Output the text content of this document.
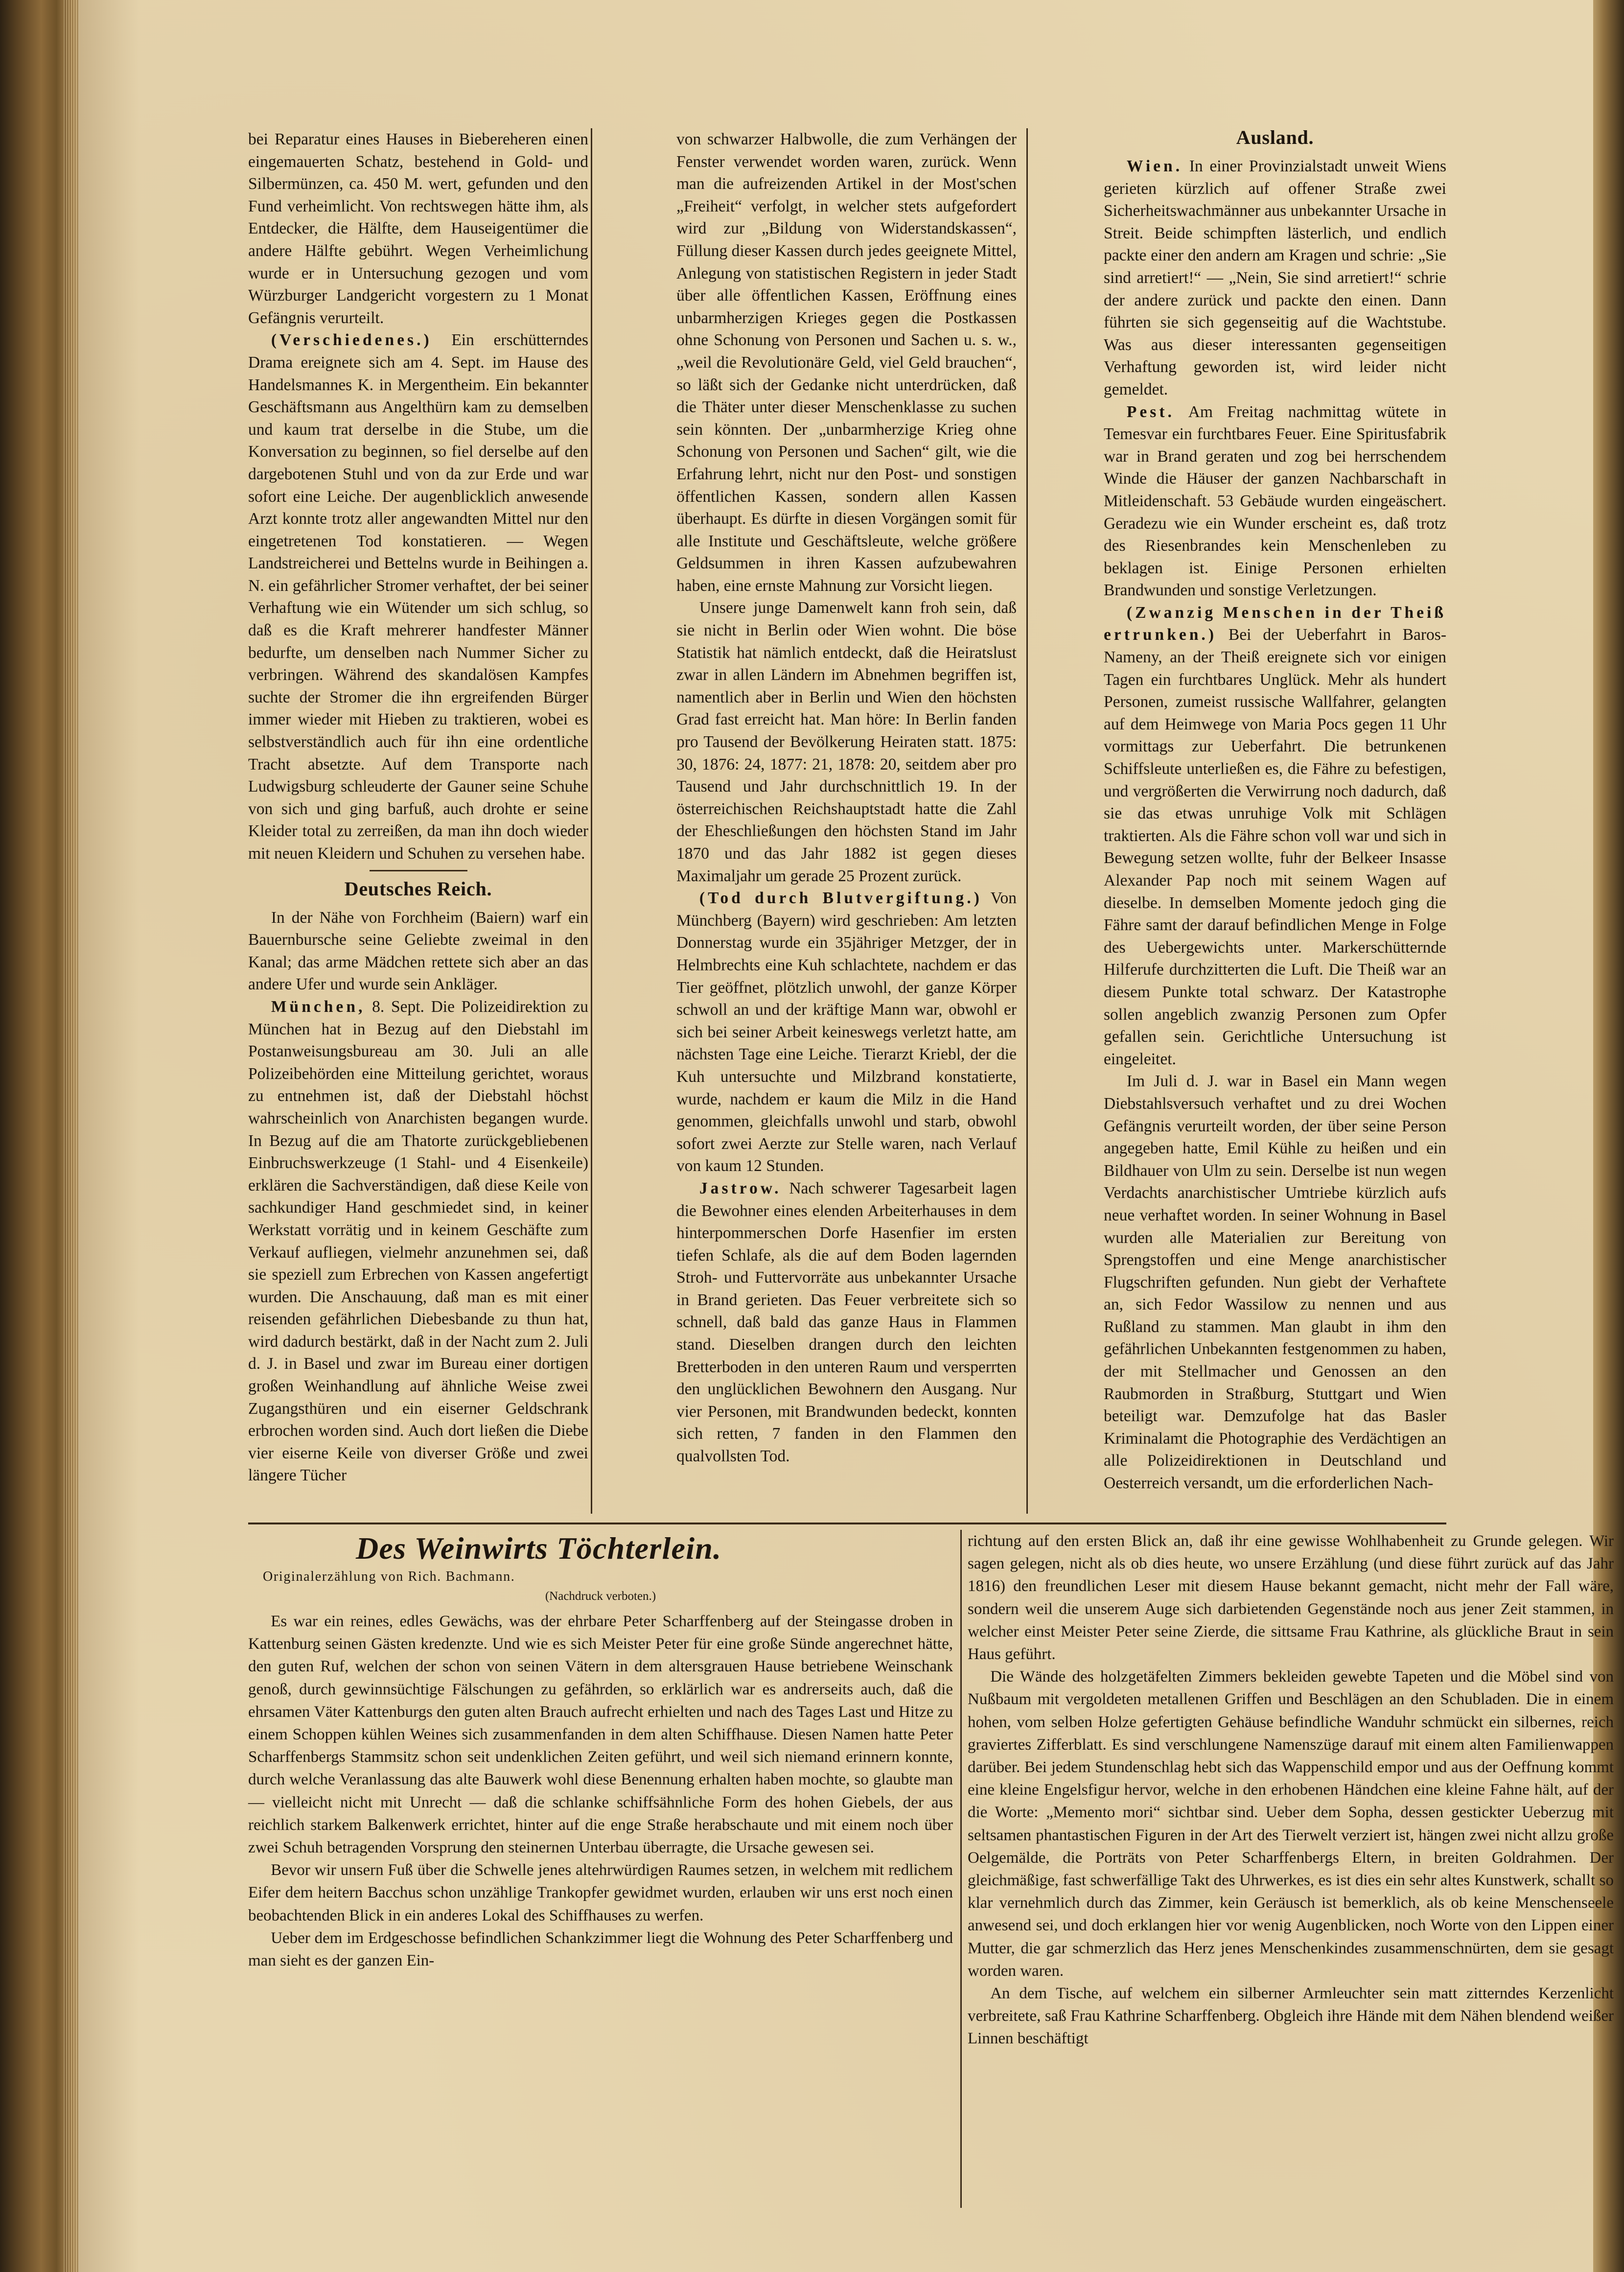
bei Reparatur eines Hauses in Biebereheren einen eingemauerten Schatz, bestehend in Gold- und Silbermünzen, ca. 450 M. wert, gefunden und den Fund verheimlicht. Von rechtswegen hätte ihm, als Entdecker, die Hälfte, dem Hauseigentümer die andere Hälfte gebührt. Wegen Verheimlichung wurde er in Untersuchung gezogen und vom Würzburger Landgericht vorgestern zu 1 Monat Gefängnis verurteilt.

(Verschiedenes.) Ein erschütterndes Drama ereignete sich am 4. Sept. im Hause des Handelsmannes K. in Mergentheim. Ein bekannter Geschäftsmann aus Angelthürn kam zu demselben und kaum trat derselbe in die Stube, um die Konversation zu beginnen, so fiel derselbe auf den dargebotenen Stuhl und von da zur Erde und war sofort eine Leiche. Der augenblicklich anwesende Arzt konnte trotz aller angewandten Mittel nur den eingetretenen Tod konstatieren. — Wegen Landstreicherei und Bettelns wurde in Beihingen a. N. ein gefährlicher Stromer verhaftet, der bei seiner Verhaftung wie ein Wütender um sich schlug, so daß es die Kraft mehrerer handfester Männer bedurfte, um denselben nach Nummer Sicher zu verbringen. Während des skandalösen Kampfes suchte der Stromer die ihn ergreifenden Bürger immer wieder mit Hieben zu traktieren, wobei es selbstverständlich auch für ihn eine ordentliche Tracht absetzte. Auf dem Transporte nach Ludwigsburg schleuderte der Gauner seine Schuhe von sich und ging barfuß, auch drohte er seine Kleider total zu zerreißen, da man ihn doch wieder mit neuen Kleidern und Schuhen zu versehen habe.

Deutsches Reich.

In der Nähe von Forchheim (Baiern) warf ein Bauernbursche seine Geliebte zweimal in den Kanal; das arme Mädchen rettete sich aber an das andere Ufer und wurde sein Ankläger.

München, 8. Sept. Die Polizeidirektion zu München hat in Bezug auf den Diebstahl im Postanweisungsbureau am 30. Juli an alle Polizeibehörden eine Mitteilung gerichtet, woraus zu entnehmen ist, daß der Diebstahl höchst wahrscheinlich von Anarchisten begangen wurde. In Bezug auf die am Thatorte zurückgebliebenen Einbruchswerkzeuge (1 Stahl- und 4 Eisenkeile) erklären die Sachverständigen, daß diese Keile von sachkundiger Hand geschmiedet sind, in keiner Werkstatt vorrätig und in keinem Geschäfte zum Verkauf aufliegen, vielmehr anzunehmen sei, daß sie speziell zum Erbrechen von Kassen angefertigt wurden. Die Anschauung, daß man es mit einer reisenden gefährlichen Diebesbande zu thun hat, wird dadurch bestärkt, daß in der Nacht zum 2. Juli d. J. in Basel und zwar im Bureau einer dortigen großen Weinhandlung auf ähnliche Weise zwei Zugangsthüren und ein eiserner Geldschrank erbrochen worden sind. Auch dort ließen die Diebe vier eiserne Keile von diverser Größe und zwei längere Tücher

von schwarzer Halbwolle, die zum Verhängen der Fenster verwendet worden waren, zurück. Wenn man die aufreizenden Artikel in der Most'schen „Freiheit“ verfolgt, in welcher stets aufgefordert wird zur „Bildung von Widerstandskassen“, Füllung dieser Kassen durch jedes geeignete Mittel, Anlegung von statistischen Registern in jeder Stadt über alle öffentlichen Kassen, Eröffnung eines unbarmherzigen Krieges gegen die Postkassen ohne Schonung von Personen und Sachen u. s. w., „weil die Revolutionäre Geld, viel Geld brauchen“, so läßt sich der Gedanke nicht unterdrücken, daß die Thäter unter dieser Menschenklasse zu suchen sein könnten. Der „unbarmherzige Krieg ohne Schonung von Personen und Sachen“ gilt, wie die Erfahrung lehrt, nicht nur den Post- und sonstigen öffentlichen Kassen, sondern allen Kassen überhaupt. Es dürfte in diesen Vorgängen somit für alle Institute und Geschäftsleute, welche größere Geldsummen in ihren Kassen aufzubewahren haben, eine ernste Mahnung zur Vorsicht liegen.

Unsere junge Damenwelt kann froh sein, daß sie nicht in Berlin oder Wien wohnt. Die böse Statistik hat nämlich entdeckt, daß die Heiratslust zwar in allen Ländern im Abnehmen begriffen ist, namentlich aber in Berlin und Wien den höchsten Grad fast erreicht hat. Man höre: In Berlin fanden pro Tausend der Bevölkerung Heiraten statt. 1875: 30, 1876: 24, 1877: 21, 1878: 20, seitdem aber pro Tausend und Jahr durchschnittlich 19. In der österreichischen Reichshauptstadt hatte die Zahl der Eheschließungen den höchsten Stand im Jahr 1870 und das Jahr 1882 ist gegen dieses Maximaljahr um gerade 25 Prozent zurück.

(Tod durch Blutvergiftung.) Von Münchberg (Bayern) wird geschrieben: Am letzten Donnerstag wurde ein 35jähriger Metzger, der in Helmbrechts eine Kuh schlachtete, nachdem er das Tier geöffnet, plötzlich unwohl, der ganze Körper schwoll an und der kräftige Mann war, obwohl er sich bei seiner Arbeit keineswegs verletzt hatte, am nächsten Tage eine Leiche. Tierarzt Kriebl, der die Kuh untersuchte und Milzbrand konstatierte, wurde, nachdem er kaum die Milz in die Hand genommen, gleichfalls unwohl und starb, obwohl sofort zwei Aerzte zur Stelle waren, nach Verlauf von kaum 12 Stunden.

Jastrow. Nach schwerer Tagesarbeit lagen die Bewohner eines elenden Arbeiterhauses in dem hinterpommerschen Dorfe Hasenfier im ersten tiefen Schlafe, als die auf dem Boden lagernden Stroh- und Futtervorräte aus unbekannter Ursache in Brand gerieten. Das Feuer verbreitete sich so schnell, daß bald das ganze Haus in Flammen stand. Dieselben drangen durch den leichten Bretterboden in den unteren Raum und versperrten den unglücklichen Bewohnern den Ausgang. Nur vier Personen, mit Brandwunden bedeckt, konnten sich retten, 7 fanden in den Flammen den qualvollsten Tod.

Ausland.

Wien. In einer Provinzialstadt unweit Wiens gerieten kürzlich auf offener Straße zwei Sicherheitswachmänner aus unbekannter Ursache in Streit. Beide schimpften lästerlich, und endlich packte einer den andern am Kragen und schrie: „Sie sind arretiert!“ — „Nein, Sie sind arretiert!“ schrie der andere zurück und packte den einen. Dann führten sie sich gegenseitig auf die Wachtstube. Was aus dieser interessanten gegenseitigen Verhaftung geworden ist, wird leider nicht gemeldet.

Pest. Am Freitag nachmittag wütete in Temesvar ein furchtbares Feuer. Eine Spiritusfabrik war in Brand geraten und zog bei herrschendem Winde die Häuser der ganzen Nachbarschaft in Mitleidenschaft. 53 Gebäude wurden eingeäschert. Geradezu wie ein Wunder erscheint es, daß trotz des Riesenbrandes kein Menschenleben zu beklagen ist. Einige Personen erhielten Brandwunden und sonstige Verletzungen.

(Zwanzig Menschen in der Theiß ertrunken.) Bei der Ueberfahrt in Baros-Nameny, an der Theiß ereignete sich vor einigen Tagen ein furchtbares Unglück. Mehr als hundert Personen, zumeist russische Wallfahrer, gelangten auf dem Heimwege von Maria Pocs gegen 11 Uhr vormittags zur Ueberfahrt. Die betrunkenen Schiffsleute unterließen es, die Fähre zu befestigen, und vergrößerten die Verwirrung noch dadurch, daß sie das etwas unruhige Volk mit Schlägen traktierten. Als die Fähre schon voll war und sich in Bewegung setzen wollte, fuhr der Belkeer Insasse Alexander Pap noch mit seinem Wagen auf dieselbe. In demselben Momente jedoch ging die Fähre samt der darauf befindlichen Menge in Folge des Uebergewichts unter. Markerschütternde Hilferufe durchzitterten die Luft. Die Theiß war an diesem Punkte total schwarz. Der Katastrophe sollen angeblich zwanzig Personen zum Opfer gefallen sein. Gerichtliche Untersuchung ist eingeleitet.

Im Juli d. J. war in Basel ein Mann wegen Diebstahlsversuch verhaftet und zu drei Wochen Gefängnis verurteilt worden, der über seine Person angegeben hatte, Emil Kühle zu heißen und ein Bildhauer von Ulm zu sein. Derselbe ist nun wegen Verdachts anarchistischer Umtriebe kürzlich aufs neue verhaftet worden. In seiner Wohnung in Basel wurden alle Materialien zur Bereitung von Sprengstoffen und eine Menge anarchistischer Flugschriften gefunden. Nun giebt der Verhaftete an, sich Fedor Wassilow zu nennen und aus Rußland zu stammen. Man glaubt in ihm den gefährlichen Unbekannten festgenommen zu haben, der mit Stellmacher und Genossen an den Raubmorden in Straßburg, Stuttgart und Wien beteiligt war. Demzufolge hat das Basler Kriminalamt die Photographie des Verdächtigen an alle Polizeidirektionen in Deutschland und Oesterreich versandt, um die erforderlichen Nach-

Des Weinwirts Töchterlein.
Originalerzählung von Rich. Bachmann.
(Nachdruck verboten.)

Es war ein reines, edles Gewächs, was der ehrbare Peter Scharffenberg auf der Steingasse droben in Kattenburg seinen Gästen kredenzte. Und wie es sich Meister Peter für eine große Sünde angerechnet hätte, den guten Ruf, welchen der schon von seinen Vätern in dem altersgrauen Hause betriebene Weinschank genoß, durch gewinnsüchtige Fälschungen zu gefährden, so erklärlich war es andrerseits auch, daß die ehrsamen Väter Kattenburgs den guten alten Brauch aufrecht erhielten und nach des Tages Last und Hitze zu einem Schoppen kühlen Weines sich zusammenfanden in dem alten Schiffhause. Diesen Namen hatte Peter Scharffenbergs Stammsitz schon seit undenklichen Zeiten geführt, und weil sich niemand erinnern konnte, durch welche Veranlassung das alte Bauwerk wohl diese Benennung erhalten haben mochte, so glaubte man — vielleicht nicht mit Unrecht — daß die schlanke schiffsähnliche Form des hohen Giebels, der aus reichlich starkem Balkenwerk errichtet, hinter auf die enge Straße herabschaute und mit einem noch über zwei Schuh betragenden Vorsprung den steinernen Unterbau überragte, die Ursache gewesen sei.

Bevor wir unsern Fuß über die Schwelle jenes altehrwürdigen Raumes setzen, in welchem mit redlichem Eifer dem heitern Bacchus schon unzählige Trankopfer gewidmet wurden, erlauben wir uns erst noch einen beobachtenden Blick in ein anderes Lokal des Schiffhauses zu werfen.

Ueber dem im Erdgeschosse befindlichen Schankzimmer liegt die Wohnung des Peter Scharffenberg und man sieht es der ganzen Ein-

richtung auf den ersten Blick an, daß ihr eine gewisse Wohlhabenheit zu Grunde gelegen. Wir sagen gelegen, nicht als ob dies heute, wo unsere Erzählung (und diese führt zurück auf das Jahr 1816) den freundlichen Leser mit diesem Hause bekannt gemacht, nicht mehr der Fall wäre, sondern weil die unserem Auge sich darbietenden Gegenstände noch aus jener Zeit stammen, in welcher einst Meister Peter seine Zierde, die sittsame Frau Kathrine, als glückliche Braut in sein Haus geführt.

Die Wände des holzgetäfelten Zimmers bekleiden gewebte Tapeten und die Möbel sind von Nußbaum mit vergoldeten metallenen Griffen und Beschlägen an den Schubladen. Die in einem hohen, vom selben Holze gefertigten Gehäuse befindliche Wanduhr schmückt ein silbernes, reich graviertes Zifferblatt. Es sind verschlungene Namenszüge darauf mit einem alten Familienwappen darüber. Bei jedem Stundenschlag hebt sich das Wappenschild empor und aus der Oeffnung kommt eine kleine Engelsfigur hervor, welche in den erhobenen Händchen eine kleine Fahne hält, auf der die Worte: „Memento mori“ sichtbar sind. Ueber dem Sopha, dessen gestickter Ueberzug mit seltsamen phantastischen Figuren in der Art des Tierwelt verziert ist, hängen zwei nicht allzu große Oelgemälde, die Porträts von Peter Scharffenbergs Eltern, in breiten Goldrahmen. Der gleichmäßige, fast schwerfällige Takt des Uhrwerkes, es ist dies ein sehr altes Kunstwerk, schallt so klar vernehmlich durch das Zimmer, kein Geräusch ist bemerklich, als ob keine Menschenseele anwesend sei, und doch erklangen hier vor wenig Augenblicken, noch Worte von den Lippen einer Mutter, die gar schmerzlich das Herz jenes Menschenkindes zusammenschnürten, dem sie gesagt worden waren.

An dem Tische, auf welchem ein silberner Armleuchter sein matt zitterndes Kerzenlicht verbreitete, saß Frau Kathrine Scharffenberg. Obgleich ihre Hände mit dem Nähen blendend weißer Linnen beschäftigt
